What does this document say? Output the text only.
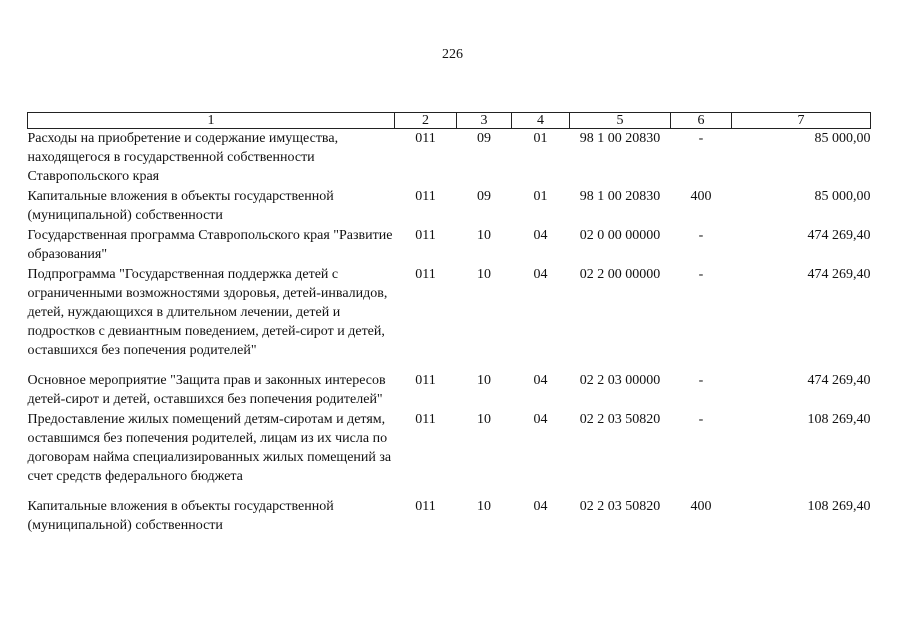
226
1	2	3	4	5	6	7
Расходы на приобретение и содержание имущества, находящегося в государственной собственности Ставропольского края	011	09	01	98 1 00 20830	-	85 000,00
Капитальные вложения в объекты государственной (муниципальной) собственности	011	09	01	98 1 00 20830	400	85 000,00
Государственная программа Ставропольского края "Развитие образования"	011	10	04	02 0 00 00000	-	474 269,40
Подпрограмма "Государственная поддержка детей с ограниченными возможностями здоровья, детей-инвалидов, детей, нуждающихся в длительном лечении, детей и подростков с девиантным поведением, детей-сирот и детей, оставшихся без попечения родителей"	011	10	04	02 2 00 00000	-	474 269,40
Основное мероприятие "Защита прав и законных интересов детей-сирот и детей, оставшихся без попечения родителей"	011	10	04	02 2 03 00000	-	474 269,40
Предоставление жилых помещений детям-сиротам и детям, оставшимся без попечения родителей, лицам из их числа по договорам найма специализированных жилых помещений за счет средств федерального бюджета	011	10	04	02 2 03 50820	-	108 269,40
Капитальные вложения в объекты государственной (муниципальной) собственности	011	10	04	02 2 03 50820	400	108 269,40
